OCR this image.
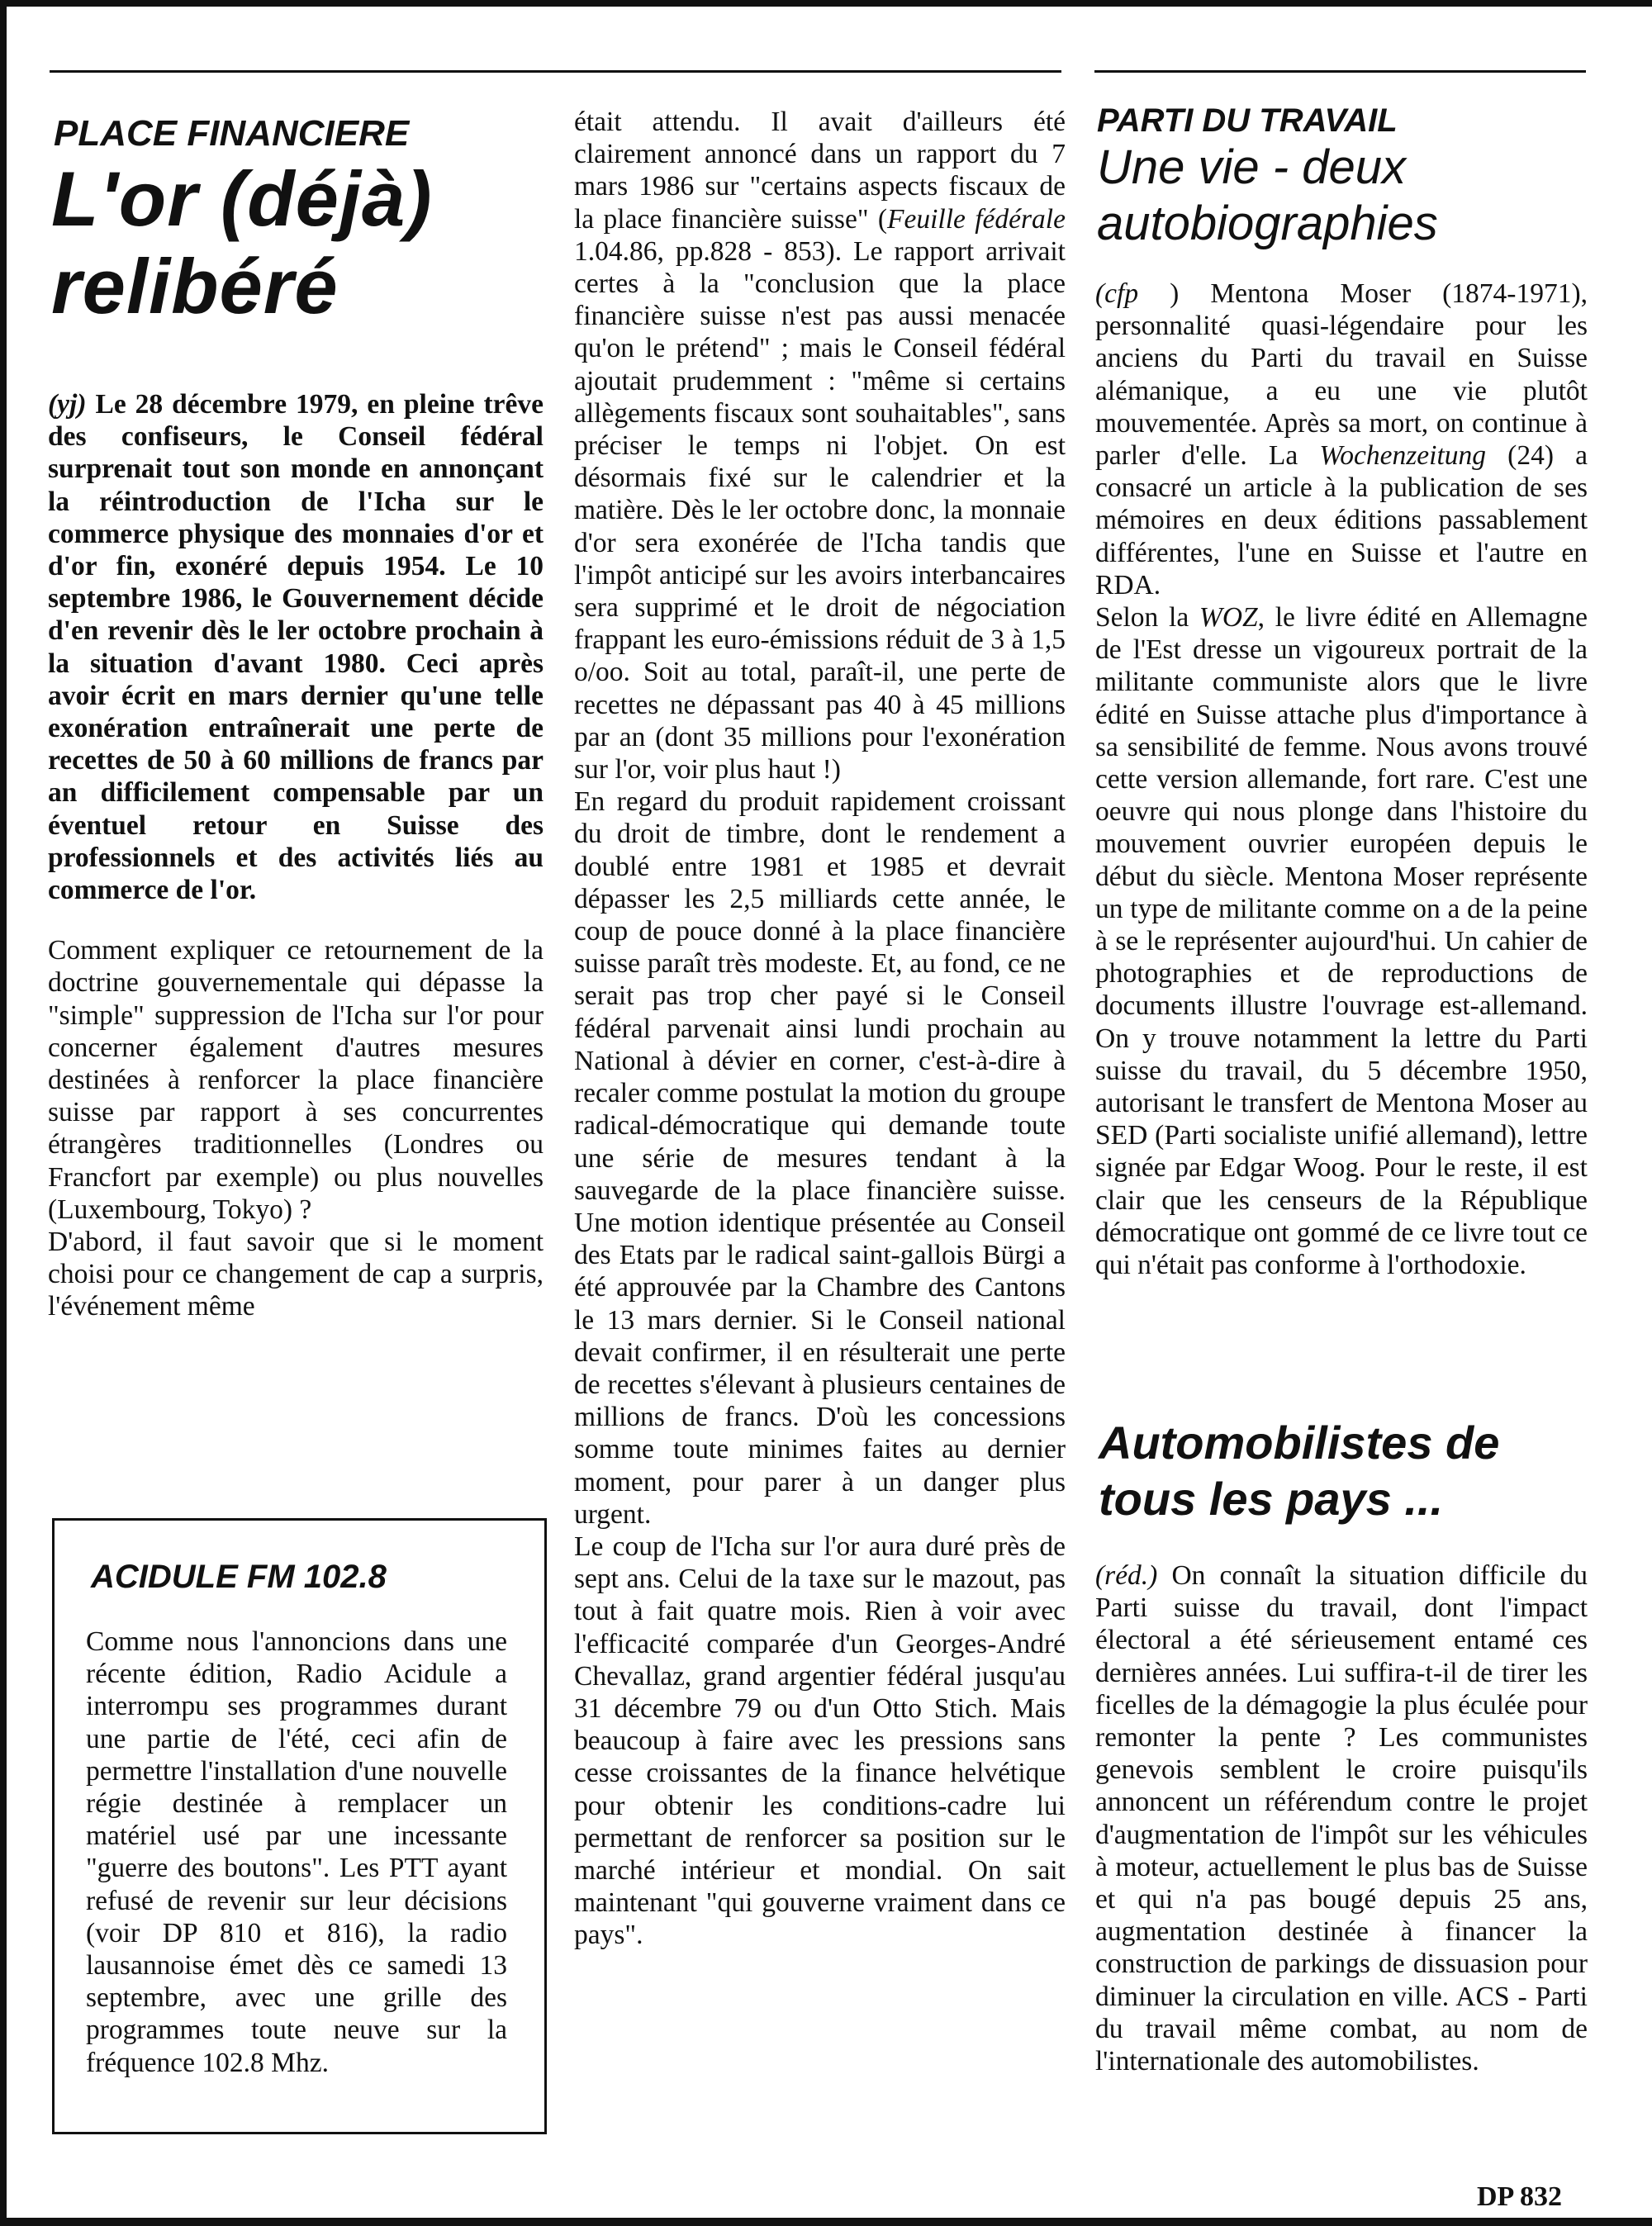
PLACE FINANCIERE
L'or (déjà)
relibéré

(yj) Le 28 décembre 1979, en pleine trêve des confiseurs, le Conseil fédéral surprenait tout son monde en annonçant la réintroduction de l'Icha sur le commerce physique des monnaies d'or et d'or fin, exonéré depuis 1954. Le 10 septembre 1986, le Gouvernement décide d'en revenir dès le ler octobre prochain à la situation d'avant 1980. Ceci après avoir écrit en mars dernier qu'une telle exonération entraînerait une perte de recettes de 50 à 60 millions de francs par an difficilement compensable par un éventuel retour en Suisse des professionnels et des activités liés au commerce de l'or.

Comment expliquer ce retournement de la doctrine gouvernementale qui dépasse la "simple" suppression de l'Icha sur l'or pour concerner également d'autres mesures destinées à renforcer la place financière suisse par rapport à ses concurrentes étrangères traditionnelles (Londres ou Francfort par exemple) ou plus nouvelles (Luxembourg, Tokyo) ?

D'abord, il faut savoir que si le moment choisi pour ce changement de cap a surpris, l'événement même

était attendu. Il avait d'ailleurs été clairement annoncé dans un rapport du 7 mars 1986 sur "certains aspects fiscaux de la place financière suisse" (Feuille fédérale 1.04.86, pp.828 - 853). Le rapport arrivait certes à la "conclusion que la place financière suisse n'est pas aussi menacée qu'on le prétend" ; mais le Conseil fédéral ajoutait prudemment : "même si certains allègements fiscaux sont souhaitables", sans préciser le temps ni l'objet. On est désormais fixé sur le calendrier et la matière. Dès le ler octobre donc, la monnaie d'or sera exonérée de l'Icha tandis que l'impôt anticipé sur les avoirs interbancaires sera supprimé et le droit de négociation frappant les euro-émissions réduit de 3 à 1,5 o/oo. Soit au total, paraît-il, une perte de recettes ne dépassant pas 40 à 45 millions par an (dont 35 millions pour l'exonération sur l'or, voir plus haut !)

En regard du produit rapidement croissant du droit de timbre, dont le rendement a doublé entre 1981 et 1985 et devrait dépasser les 2,5 milliards cette année, le coup de pouce donné à la place financière suisse paraît très modeste. Et, au fond, ce ne serait pas trop cher payé si le Conseil fédéral parvenait ainsi lundi prochain au National à dévier en corner, c'est-à-dire à recaler comme postulat la motion du groupe radical-démocratique qui demande toute une série de mesures tendant à la sauvegarde de la place financière suisse. Une motion identique présentée au Conseil des Etats par le radical saint-gallois Bürgi a été approuvée par la Chambre des Cantons le 13 mars dernier. Si le Conseil national devait confirmer, il en résulterait une perte de recettes s'élevant à plusieurs centaines de millions de francs. D'où les concessions somme toute minimes faites au dernier moment, pour parer à un danger plus urgent.

Le coup de l'Icha sur l'or aura duré près de sept ans. Celui de la taxe sur le mazout, pas tout à fait quatre mois. Rien à voir avec l'efficacité comparée d'un Georges-André Chevallaz, grand argentier fédéral jusqu'au 31 décembre 79 ou d'un Otto Stich. Mais beaucoup à faire avec les pressions sans cesse croissantes de la finance helvétique pour obtenir les conditions-cadre lui permettant de renforcer sa position sur le marché intérieur et mondial. On sait maintenant "qui gouverne vraiment dans ce pays".

ACIDULE FM 102.8

Comme nous l'annoncions dans une récente édition, Radio Acidule a interrompu ses programmes durant une partie de l'été, ceci afin de permettre l'installation d'une nouvelle régie destinée à remplacer un matériel usé par une incessante "guerre des boutons". Les PTT ayant refusé de revenir sur leur décisions (voir DP 810 et 816), la radio lausannoise émet dès ce samedi 13 septembre, avec une grille des programmes toute neuve sur la fréquence 102.8 Mhz.

PARTI DU TRAVAIL
Une vie - deux
autobiographies

(cfp ) Mentona Moser (1874-1971), personnalité quasi-légendaire pour les anciens du Parti du travail en Suisse alémanique, a eu une vie plutôt mouvementée. Après sa mort, on continue à parler d'elle. La Wochenzeitung (24) a consacré un article à la publication de ses mémoires en deux éditions passablement différentes, l'une en Suisse et l'autre en RDA.

Selon la WOZ, le livre édité en Allemagne de l'Est dresse un vigoureux portrait de la militante communiste alors que le livre édité en Suisse attache plus d'importance à sa sensibilité de femme. Nous avons trouvé cette version allemande, fort rare. C'est une oeuvre qui nous plonge dans l'histoire du mouvement ouvrier européen depuis le début du siècle. Mentona Moser représente un type de militante comme on a de la peine à se le représenter aujourd'hui. Un cahier de photographies et de reproductions de documents illustre l'ouvrage est-allemand. On y trouve notamment la lettre du Parti suisse du travail, du 5 décembre 1950, autorisant le transfert de Mentona Moser au SED (Parti socialiste unifié allemand), lettre signée par Edgar Woog. Pour le reste, il est clair que les censeurs de la République démocratique ont gommé de ce livre tout ce qui n'était pas conforme à l'orthodoxie.

Automobilistes de
tous les pays ...

(réd.) On connaît la situation difficile du Parti suisse du travail, dont l'impact électoral a été sérieusement entamé ces dernières années. Lui suffira-t-il de tirer les ficelles de la démagogie la plus éculée pour remonter la pente ? Les communistes genevois semblent le croire puisqu'ils annoncent un référendum contre le projet d'augmentation de l'impôt sur les véhicules à moteur, actuellement le plus bas de Suisse et qui n'a pas bougé depuis 25 ans, augmentation destinée à financer la construction de parkings de dissuasion pour diminuer la circulation en ville. ACS - Parti du travail même combat, au nom de l'internationale des automobilistes.

DP 832
